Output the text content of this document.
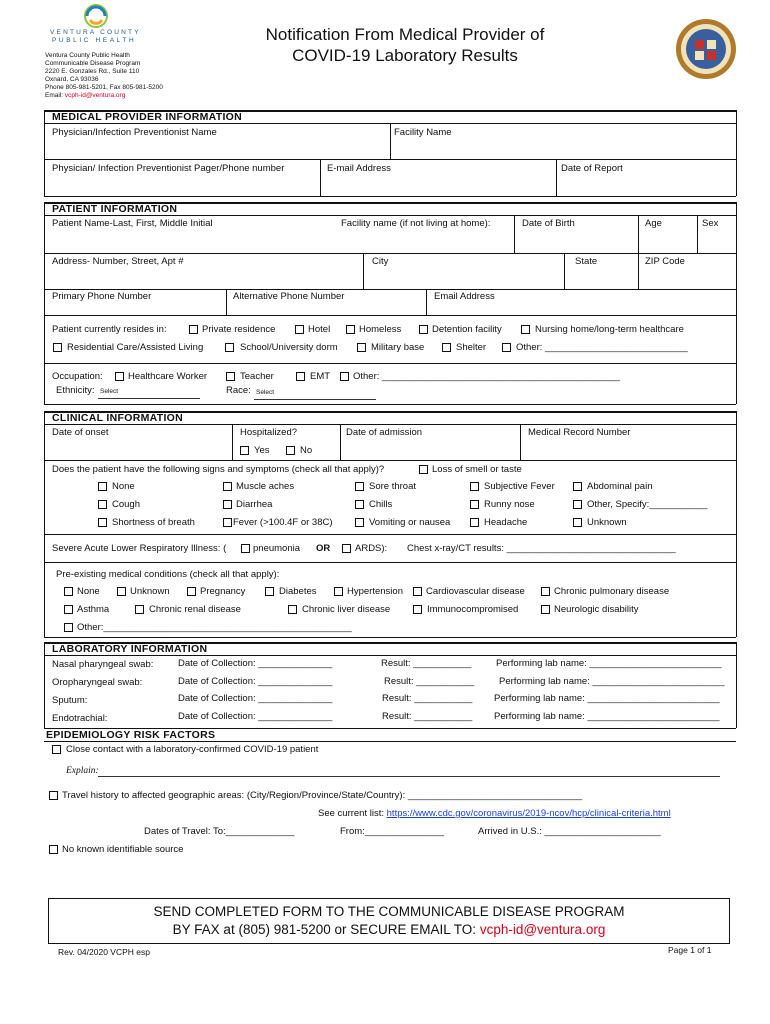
VENTURA COUNTY
PUBLIC HEALTH
Ventura County Public Health
Communicable Disease Program
2220 E. Gonzales Rd., Suite 110
Oxnard, CA 93036
Phone 805-981-5201, Fax 805-981-5200
Email: vcph-id@ventura.org
Notification From Medical Provider of
COVID-19 Laboratory Results
MEDICAL PROVIDER INFORMATION
Physician/Infection Preventionist Name	Facility Name
Physician/ Infection Preventionist Pager/Phone number	E-mail Address	Date of Report
PATIENT INFORMATION
Patient Name-Last, First, Middle Initial	Facility name (if not living at home):	Date of Birth	Age	Sex
Address- Number, Street, Apt #	City	State	ZIP Code
Primary Phone Number	Alternative Phone Number	Email Address
Patient currently resides in:	Private residence	Hotel	Homeless	Detention facility	Nursing home/long-term healthcare
Residential Care/Assisted Living	School/University dorm	Military base	Shelter	Other: ___________________________
Occupation:	Healthcare Worker	Teacher	EMT Other: _____________________________________________
Ethnicity: Select	Race: Select
CLINICAL INFORMATION
Date of onset	Hospitalized?	Date of admission	Medical Record Number
Yes	No
Does the patient have the following signs and symptoms (check all that apply)?	Loss of smell or taste
None	Muscle aches	Sore throat	Subjective Fever	Abdominal pain
Cough	Diarrhea	Chills	Runny nose	Other, Specify:___________
Shortness of breath	Fever (>100.4F or 38C)	Vomiting or nausea	Headache	Unknown
Severe Acute Lower Respiratory Illness: (	pneumonia OR	ARDS): Chest x-ray/CT results: ________________________________
Pre-existing medical conditions (check all that apply):
None	Unknown	Pregnancy	Diabetes	Hypertension Cardiovascular disease	Chronic pulmonary disease
Asthma	Chronic renal disease	Chronic liver disease	Immunocompromised	Neurologic disability
Other:_______________________________________________
LABORATORY INFORMATION
Nasal pharyngeal swab:	Date of Collection: ______________	Result: ___________	Performing lab name: _________________________
Oropharyngeal swab:	Date of Collection: ______________	Result: ___________	Performing lab name: _________________________
Sputum:	Date of Collection: ______________	Result: ___________ Performing lab name: _________________________
Endotrachial:	Date of Collection: ______________	Result: ___________ Performing lab name: _________________________
EPIDEMIOLOGY RISK FACTORS
Close contact with a laboratory-confirmed COVID-19 patient
Explain:
Travel history to affected geographic areas: (City/Region/Province/State/Country): _________________________________
See current list: https://www.cdc.gov/coronavirus/2019-ncov/hcp/clinical-criteria.html
Dates of Travel: To:_____________	From:_______________	Arrived in U.S.: ______________________
No known identifiable source
SEND COMPLETED FORM TO THE COMMUNICABLE DISEASE PROGRAM
BY FAX at (805) 981-5200 or SECURE EMAIL TO: vcph-id@ventura.org
Rev. 04/2020 VCPH esp	Page 1 of 1
